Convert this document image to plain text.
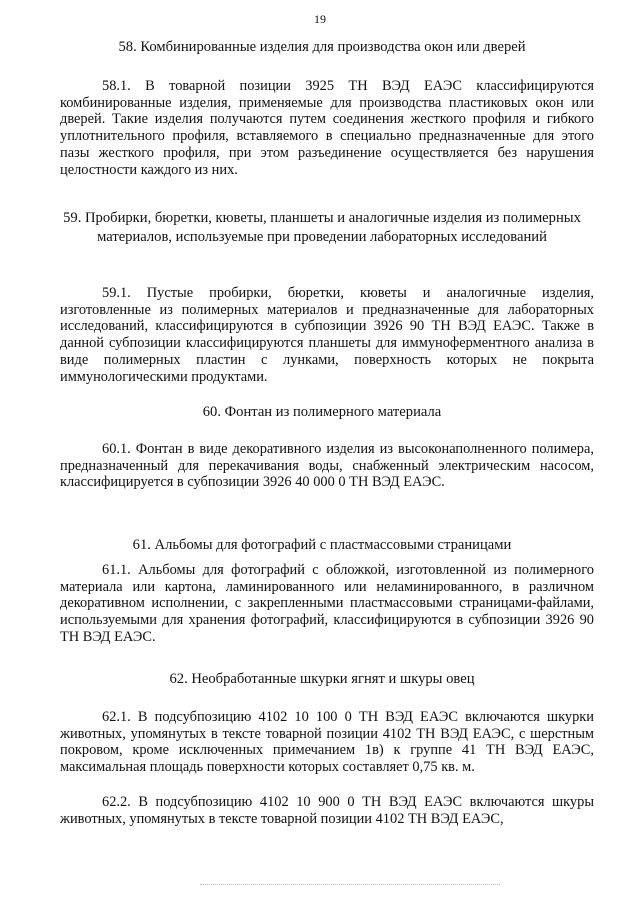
19
58. Комбинированные изделия для производства окон или дверей
58.1. В товарной позиции 3925 ТН ВЭД ЕАЭС классифицируются комбинированные изделия, применяемые для производства пластиковых окон или дверей. Такие изделия получаются путем соединения жесткого профиля и гибкого уплотнительного профиля, вставляемого в специально предназначенные для этого пазы жесткого профиля, при этом разъединение осуществляется без нарушения целостности каждого из них.
59. Пробирки, бюретки, кюветы, планшеты и аналогичные изделия из полимерных материалов, используемые при проведении лабораторных исследований
59.1. Пустые пробирки, бюретки, кюветы и аналогичные изделия, изготовленные из полимерных материалов и предназначенные для лабораторных исследований, классифицируются в субпозиции 3926 90 ТН ВЭД ЕАЭС. Также в данной субпозиции классифицируются планшеты для иммуноферментного анализа в виде полимерных пластин с лунками, поверхность которых не покрыта иммунологическими продуктами.
60. Фонтан из полимерного материала
60.1. Фонтан в виде декоративного изделия из высоконаполненного полимера, предназначенный для перекачивания воды, снабженный электрическим насосом, классифицируется в субпозиции 3926 40 000 0 ТН ВЭД ЕАЭС.
61. Альбомы для фотографий с пластмассовыми страницами
61.1. Альбомы для фотографий с обложкой, изготовленной из полимерного материала или картона, ламинированного или неламинированного, в различном декоративном исполнении, с закрепленными пластмассовыми страницами-файлами, используемыми для хранения фотографий, классифицируются в субпозиции 3926 90 ТН ВЭД ЕАЭС.
62. Необработанные шкурки ягнят и шкуры овец
62.1. В подсубпозицию 4102 10 100 0 ТН ВЭД ЕАЭС включаются шкурки животных, упомянутых в тексте товарной позиции 4102 ТН ВЭД ЕАЭС, с шерстным покровом, кроме исключенных примечанием 1в) к группе 41 ТН ВЭД ЕАЭС, максимальная площадь поверхности которых составляет 0,75 кв. м.
62.2. В подсубпозицию 4102 10 900 0 ТН ВЭД ЕАЭС включаются шкуры животных, упомянутых в тексте товарной позиции 4102 ТН ВЭД ЕАЭС,
